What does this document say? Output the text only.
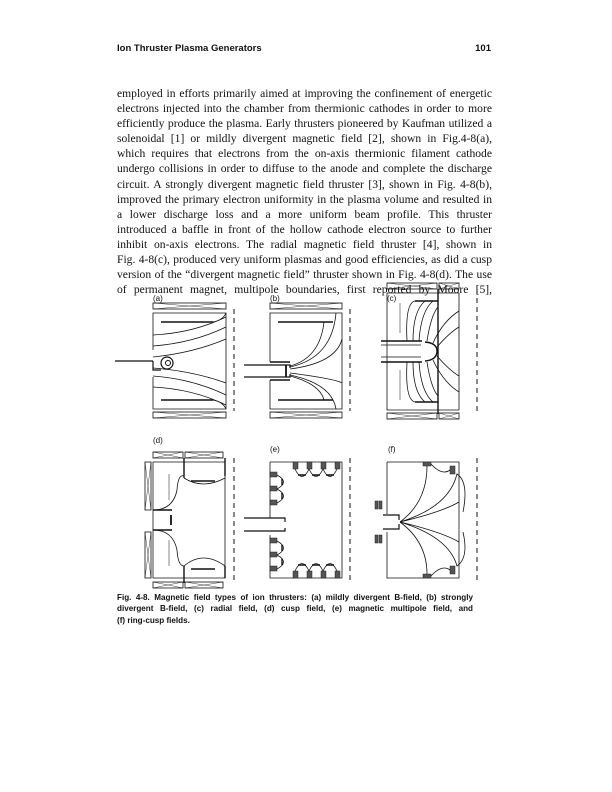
Ion Thruster Plasma Generators	101
employed in efforts primarily aimed at improving the confinement of energetic
electrons injected into the chamber from thermionic cathodes in order to more
efficiently produce the plasma. Early thrusters pioneered by Kaufman utilized a
solenoidal [1] or mildly divergent magnetic field [2], shown in Fig.4-8(a),
which requires that electrons from the on-axis thermionic filament cathode
undergo collisions in order to diffuse to the anode and complete the discharge
circuit. A strongly divergent magnetic field thruster [3], shown in Fig. 4-8(b),
improved the primary electron uniformity in the plasma volume and resulted in
a lower discharge loss and a more uniform beam profile. This thruster
introduced a baffle in front of the hollow cathode electron source to further
inhibit on-axis electrons. The radial magnetic field thruster [4], shown in
Fig. 4-8(c), produced very uniform plasmas and good efficiencies, as did a cusp
version of the “divergent magnetic field” thruster shown in Fig. 4-8(d). The use
of permanent magnet, multipole boundaries, first reported by Moore [5],
(a)	(b)	(c)
(d)
(e)	(f)
Fig. 4-8. Magnetic field types of ion thrusters: (a) mildly divergent B-field, (b) strongly
divergent B-field, (c) radial field, (d) cusp field, (e) magnetic multipole field, and
(f) ring-cusp fields.
